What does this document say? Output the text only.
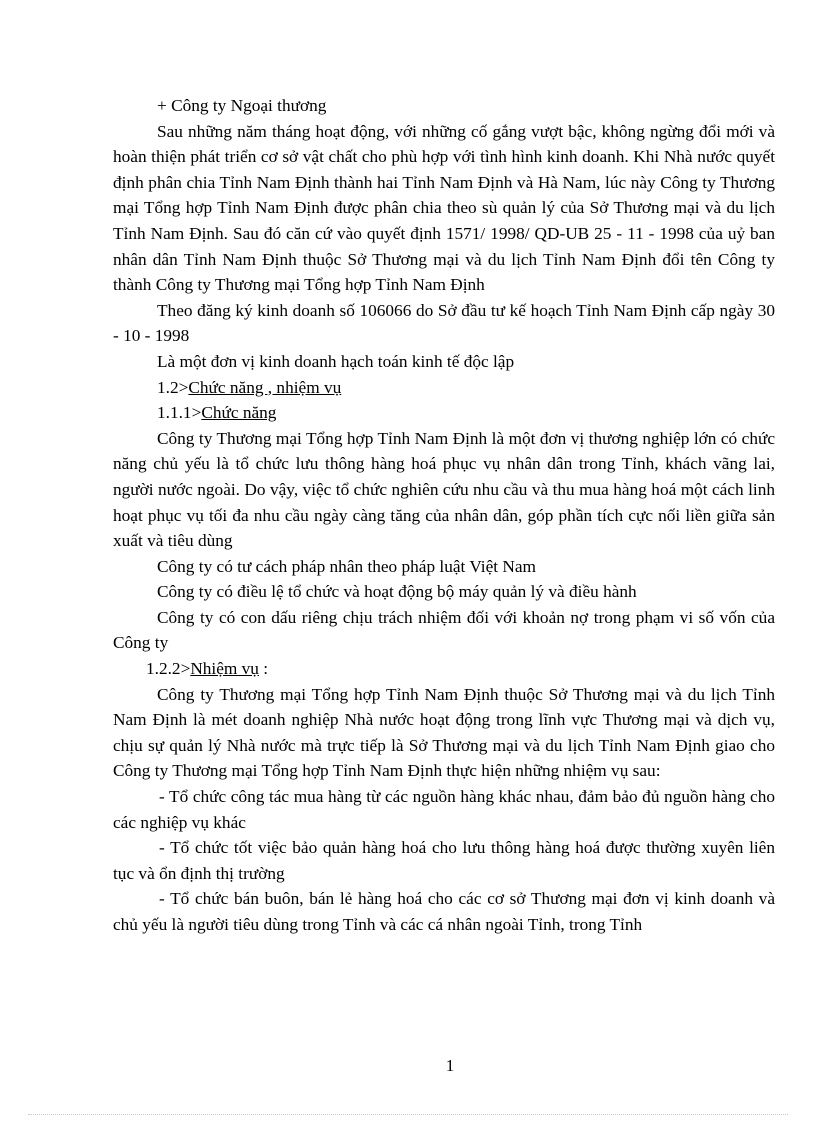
+ Công ty Ngoại thương

Sau những năm tháng hoạt động, với những cố gắng vượt bậc, không ngừng đổi mới và hoàn thiện phát triển cơ sở vật chất cho phù hợp với tình hình kinh doanh. Khi Nhà nước quyết định phân chia Tỉnh Nam Định thành hai Tỉnh Nam Định và Hà Nam, lúc này Công ty Thương mại Tổng hợp Tỉnh Nam Định được phân chia theo sù quản lý của Sở Thương mại và du lịch Tỉnh Nam Định. Sau đó căn cứ vào quyết định 1571/ 1998/ QD-UB 25 - 11 - 1998 của uỷ ban nhân dân Tỉnh Nam Định thuộc Sở Thương mại và du lịch Tỉnh Nam Định đổi tên Công ty thành Công ty Thương mại Tổng hợp Tỉnh Nam Định

Theo đăng ký kinh doanh số 106066 do Sở đầu tư kế hoạch Tỉnh Nam Định cấp ngày 30 - 10 - 1998

Là một đơn vị kinh doanh hạch toán kinh tế độc lập

1.2>Chức năng , nhiệm vụ

1.1.1>Chức năng

Công ty Thương mại Tổng hợp Tỉnh Nam Định là một đơn vị thương nghiệp lớn có chức năng chủ yếu là tổ chức lưu thông hàng hoá phục vụ nhân dân trong Tỉnh, khách vãng lai, người nước ngoài. Do vậy, việc tổ chức nghiên cứu nhu cầu và thu mua hàng hoá một cách linh hoạt phục vụ tối đa nhu cầu ngày càng tăng của nhân dân, góp phần tích cực nối liền giữa sản xuất và tiêu dùng

Công ty có tư cách pháp nhân theo pháp luật Việt Nam

Công ty có điều lệ tổ chức và hoạt động bộ máy quản lý và điều hành

Công ty có con dấu riêng chịu trách nhiệm đối với khoản nợ trong phạm vi số vốn của Công ty

1.2.2>Nhiệm vụ :

Công ty Thương mại Tổng hợp Tỉnh Nam Định thuộc Sở Thương mại và du lịch Tỉnh Nam Định là mét doanh nghiệp Nhà nước hoạt động trong lĩnh vực Thương mại và dịch vụ, chịu sự quản lý Nhà nước mà trực tiếp là Sở Thương mại và du lịch Tỉnh Nam Định giao cho Công ty Thương mại Tổng hợp Tỉnh Nam Định thực hiện những nhiệm vụ sau:

- Tổ chức công tác mua hàng từ các nguồn hàng khác nhau, đảm bảo đủ nguồn hàng cho các nghiệp vụ khác

- Tổ chức tốt việc bảo quản hàng hoá cho lưu thông hàng hoá được thường xuyên liên tục và ổn định thị trường

- Tổ chức bán buôn, bán lẻ hàng hoá cho các cơ sở Thương mại đơn vị kinh doanh và chủ yếu là người tiêu dùng trong Tỉnh và các cá nhân ngoài Tỉnh, trong Tỉnh

1
